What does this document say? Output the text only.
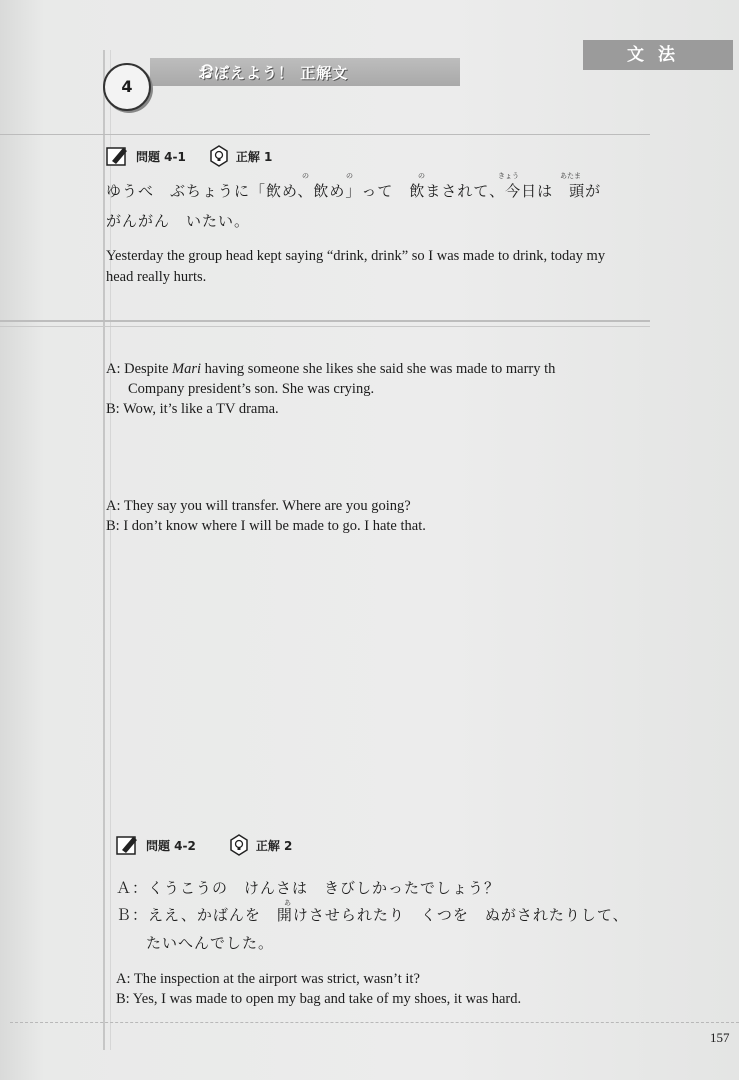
文法
おぼえよう！ 正解文
4
問題 4-1	正解 1
の	の	の	きょう	あたま
ゆうべ　ぶちょうに「飲め、飲め」って　飲まされて、今日は　頭が
がんがん　いたい。
Yesterday the group head kept saying “drink, drink” so I was made to drink, today my
head really hurts.
A: Despite Mari having someone she likes she said she was made to marry th
Company president’s son. She was crying.
B: Wow, it’s like a TV drama.
A: They say you will transfer. Where are you going?
B: I don’t know where I will be made to go. I hate that.
問題 4-2	正解 2
Ａ：くうこうの　けんさは　きびしかったでしょう？
あ
Ｂ：ええ、かばんを　開けさせられたり　くつを　ぬがされたりして、
たいへんでした。
A: The inspection at the airport was strict, wasn’t it?
B: Yes, I was made to open my bag and take of my shoes, it was hard.
157
